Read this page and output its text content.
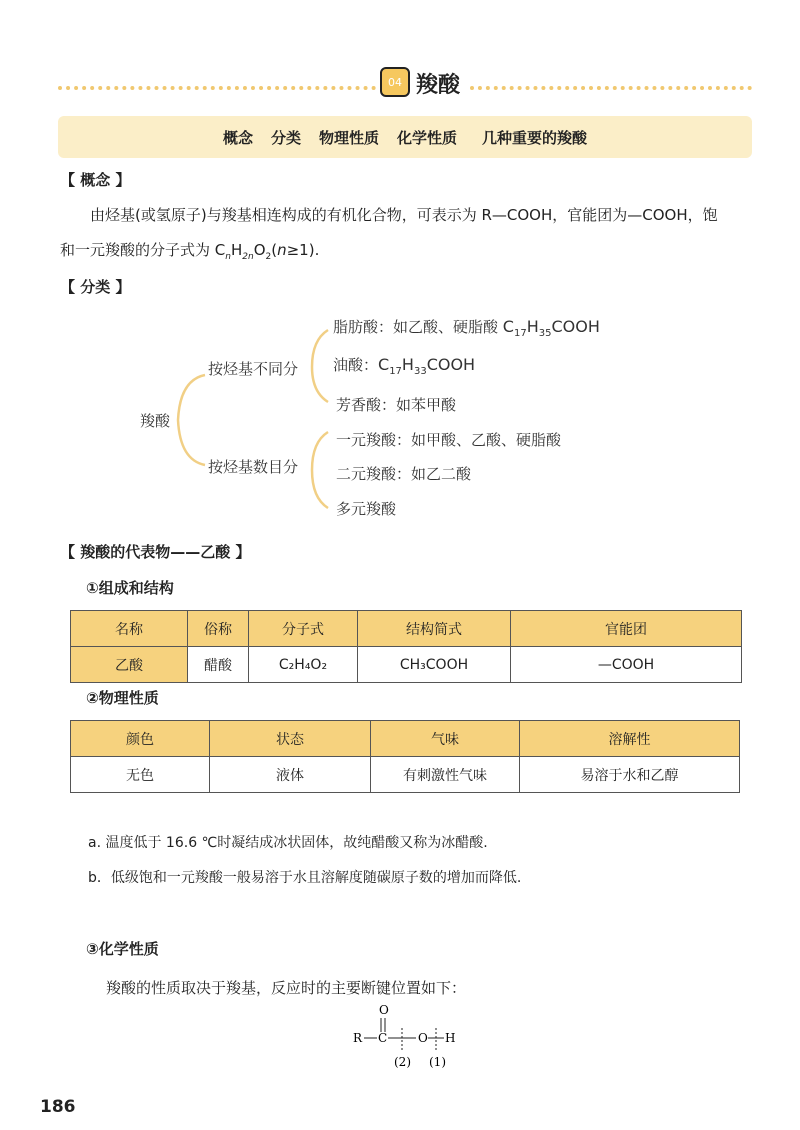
04 羧酸
概念 分类 物理性质 化学性质 几种重要的羧酸
【 概念 】
由烃基(或氢原子)与羧基相连构成的有机化合物，可表示为 R—COOH，官能团为—COOH，饱
和一元羧酸的分子式为 $C_nH_{2n}O_2(n\ge 1)$.
【 分类 】
羧酸
按烃基不同分
按烃基数目分
脂肪酸：如乙酸、硬脂酸 $C_{17}H_{35}COOH$
油酸：$C_{17}H_{33}COOH$
芳香酸：如苯甲酸
一元羧酸：如甲酸、乙酸、硬脂酸
二元羧酸：如乙二酸
多元羧酸
【 羧酸的代表物——乙酸 】
①组成和结构
名称	俗称	分子式	结构简式	官能团
乙酸	醋酸	C₂H₄O₂	CH₃COOH	—COOH
②物理性质
颜色	状态	气味	溶解性
无色	液体	有刺激性气味	易溶于水和乙醇
a. 温度低于 16.6 ℃时凝结成冰状固体，故纯醋酸又称为冰醋酸.
b．低级饱和一元羧酸一般易溶于水且溶解度随碳原子数的增加而降低.
③化学性质
羧酸的性质取决于羧基，反应时的主要断键位置如下：
O
R C	O H
(2) (1)
186
